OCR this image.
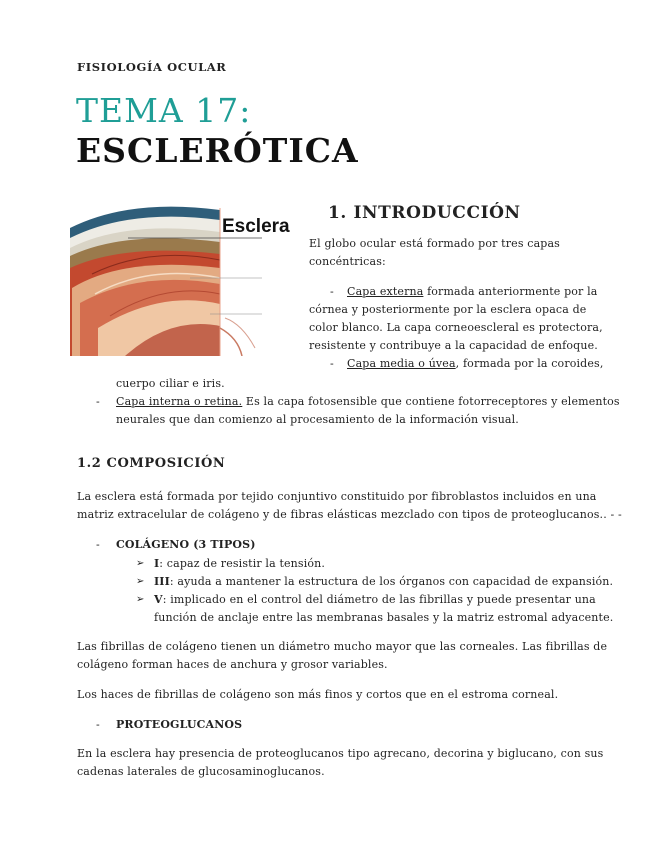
FISIOLOGÍA OCULAR
TEMA 17:
ESCLERÓTICA
Esclera
1. INTRODUCCIÓN
El globo ocular está formado por tres capas
concéntricas:
- Capa externa formada anteriormente por la
córnea y posteriormente por la esclera opaca de
color blanco. La capa corneoescleral es protectora,
resistente y contribuye a la capacidad de enfoque.
- Capa media o úvea, formada por la coroides,
cuerpo ciliar e iris.
- Capa interna o retina. Es la capa fotosensible que contiene fotorreceptores y elementos
neurales que dan comienzo al procesamiento de la información visual.
1.2 COMPOSICIÓN
La esclera está formada por tejido conjuntivo constituido por fibroblastos incluidos en una
matriz extracelular de colágeno y de fibras elásticas mezclado con tipos de proteoglucanos.. - -
- COLÁGENO (3 TIPOS)
➢ I: capaz de resistir la tensión.
➢ III: ayuda a mantener la estructura de los órganos con capacidad de expansión.
➢ V: implicado en el control del diámetro de las fibrillas y puede presentar una
función de anclaje entre las membranas basales y la matriz estromal adyacente.
Las fibrillas de colágeno tienen un diámetro mucho mayor que las corneales. Las fibrillas de
colágeno forman haces de anchura y grosor variables.
Los haces de fibrillas de colágeno son más finos y cortos que en el estroma corneal.
- PROTEOGLUCANOS
En la esclera hay presencia de proteoglucanos tipo agrecano, decorina y biglucano, con sus
cadenas laterales de glucosaminoglucanos.
